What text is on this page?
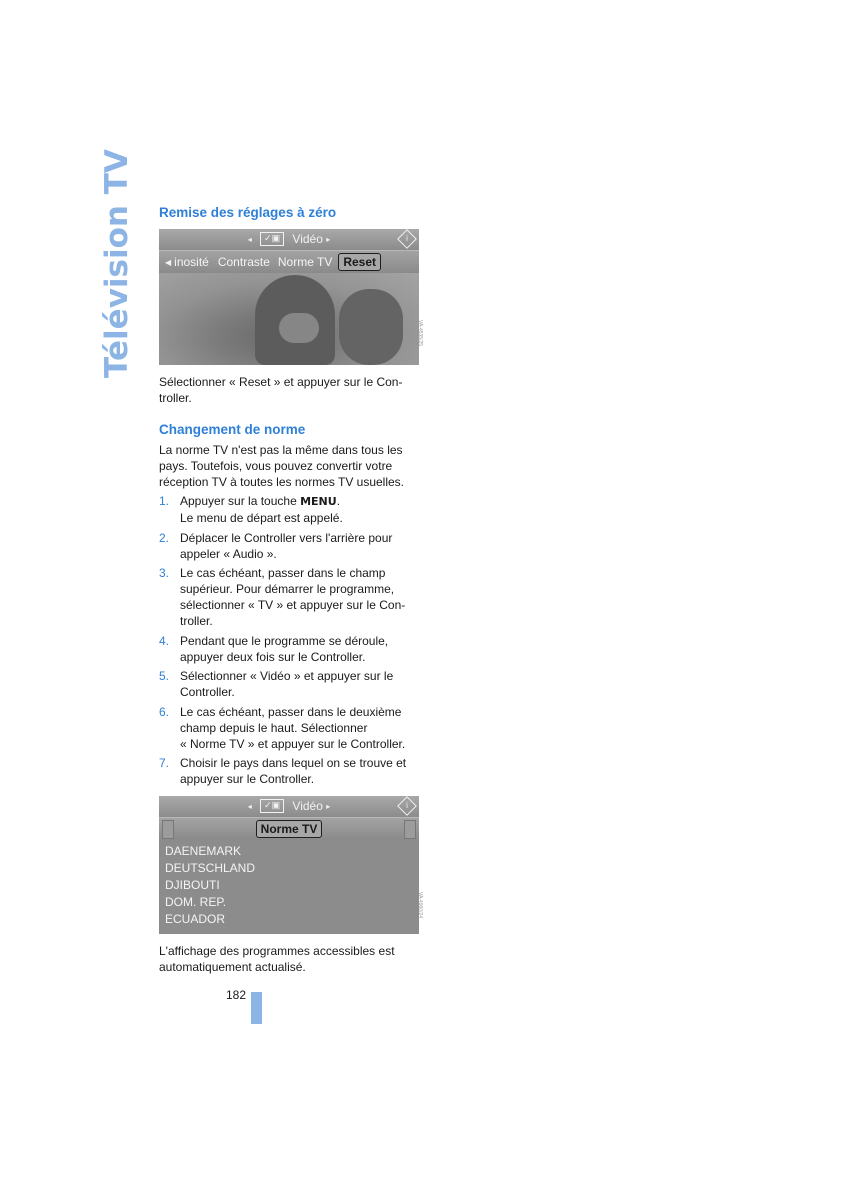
Télévision TV Remise des réglages à zéro
◂ ✓▣ Vidéo ▸	i
◀ inosité Contraste Norme TV Reset
VA-4535/25
Sélectionner « Reset » et appuyer sur le Con-
troller.
Changement de norme
La norme TV n'est pas la même dans tous les
pays. Toutefois, vous pouvez convertir votre
réception TV à toutes les normes TV usuelles.
1. Appuyer sur la touche MENU.
Le menu de départ est appelé.
2. Déplacer le Controller vers l'arrière pour
appeler « Audio ».
3. Le cas échéant, passer dans le champ
supérieur. Pour démarrer le programme,
sélectionner « TV » et appuyer sur le Con-
troller.
4. Pendant que le programme se déroule,
appuyer deux fois sur le Controller.
5. Sélectionner « Vidéo » et appuyer sur le
Controller.
6. Le cas échéant, passer dans le deuxième
champ depuis le haut. Sélectionner
« Norme TV » et appuyer sur le Controller.
7. Choisir le pays dans lequel on se trouve et
appuyer sur le Controller.
◂ ✓▣ Vidéo ▸	i
Norme TV
DAENEMARK
DEUTSCHLAND
DJIBOUTI
DOM. REP.
ECUADOR
VA-4960/24
L'affichage des programmes accessibles est
automatiquement actualisé.
182
